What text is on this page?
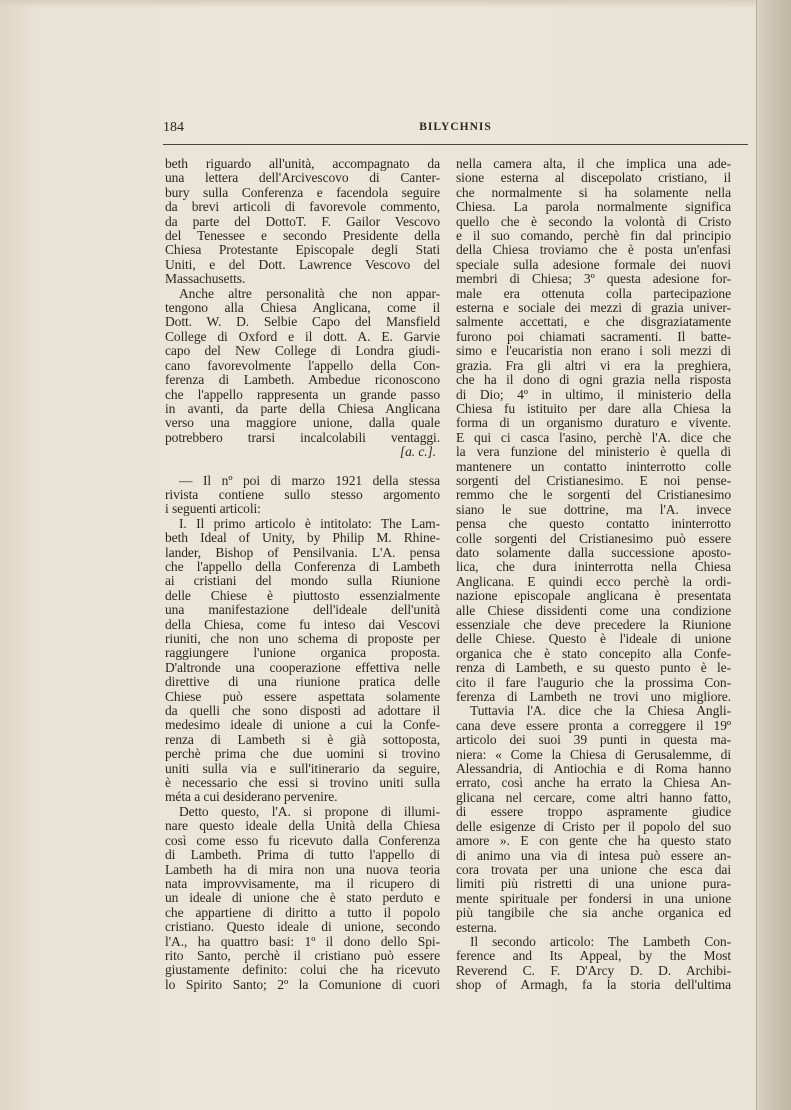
184	BILYCHNIS
beth riguardo all'unità, accompagnato da
una lettera dell'Arcivescovo di Canter-
bury sulla Conferenza e facendola seguire
da brevi articoli di favorevole commento,
da parte del DottoT. F. Gailor Vescovo
del Tenessee e secondo Presidente della
Chiesa Protestante Episcopale degli Stati
Uniti, e del Dott. Lawrence Vescovo del
Massachusetts.
Anche altre personalità che non appar-
tengono alla Chiesa Anglicana, come il
Dott. W. D. Selbie Capo del Mansfield
College di Oxford e il dott. A. E. Garvie
capo del New College di Londra giudi-
cano favorevolmente l'appello della Con-
ferenza di Lambeth. Ambedue riconoscono
che l'appello rappresenta un grande passo
in avanti, da parte della Chiesa Anglicana
verso una maggiore unione, dalla quale
potrebbero trarsi incalcolabili ventaggi.
[a. c.].
— Il nº poi di marzo 1921 della stessa
rivista contiene sullo stesso argomento
i seguenti articoli:
I. Il primo articolo è intitolato: The Lam-
beth Ideal of Unity, by Philip M. Rhine-
lander, Bishop of Pensilvania. L'A. pensa
che l'appello della Conferenza di Lambeth
ai cristiani del mondo sulla Riunione
delle Chiese è piuttosto essenzialmente
una manifestazione dell'ideale dell'unità
della Chiesa, come fu inteso dai Vescovi
riuniti, che non uno schema di proposte per
raggiungere l'unione organica proposta.
D'altronde una cooperazione effettiva nelle
direttive di una riunione pratica delle
Chiese può essere aspettata solamente
da quelli che sono disposti ad adottare il
medesimo ideale di unione a cui la Confe-
renza di Lambeth si è già sottoposta,
perchè prima che due uomini si trovino
uniti sulla via e sull'itinerario da seguire,
è necessario che essi si trovino uniti sulla
méta a cui desiderano pervenire.
Detto questo, l'A. si propone di illumi-
nare questo ideale della Unità della Chiesa
così come esso fu ricevuto dalla Conferenza
di Lambeth. Prima di tutto l'appello di
Lambeth ha di mira non una nuova teoria
nata improvvisamente, ma il ricupero di
un ideale di unione che è stato perduto e
che appartiene di diritto a tutto il popolo
cristiano. Questo ideale di unione, secondo
l'A., ha quattro basi: 1º il dono dello Spi-
rito Santo, perchè il cristiano può essere
giustamente definito: colui che ha ricevuto
lo Spirito Santo; 2º la Comunione di cuori
nella camera alta, il che implica una ade-
sione esterna al discepolato cristiano, il
che normalmente si ha solamente nella
Chiesa. La parola normalmente significa
quello che è secondo la volontà di Cristo
e il suo comando, perchè fin dal principio
della Chiesa troviamo che è posta un'enfasi
speciale sulla adesione formale dei nuovi
membri di Chiesa; 3º questa adesione for-
male era ottenuta colla partecipazione
esterna e sociale dei mezzi di grazia univer-
salmente accettati, e che disgraziatamente
furono poi chiamati sacramenti. Il batte-
simo e l'eucaristia non erano i soli mezzi di
grazia. Fra gli altri vi era la preghiera,
che ha il dono di ogni grazia nella risposta
di Dio; 4º in ultimo, il ministerio della
Chiesa fu istituito per dare alla Chiesa la
forma di un organismo duraturo e vivente.
E qui ci casca l'asino, perchè l'A. dice che
la vera funzione del ministerio è quella di
mantenere un contatto ininterrotto colle
sorgenti del Cristianesimo. E noi pense-
remmo che le sorgenti del Cristianesimo
siano le sue dottrine, ma l'A. invece
pensa che questo contatto ininterrotto
colle sorgenti del Cristianesimo può essere
dato solamente dalla successione aposto-
lica, che dura ininterrotta nella Chiesa
Anglicana. E quindi ecco perchè la ordi-
nazione episcopale anglicana è presentata
alle Chiese dissidenti come una condizione
essenziale che deve precedere la Riunione
delle Chiese. Questo è l'ideale di unione
organica che è stato concepito alla Confe-
renza di Lambeth, e su questo punto è le-
cito il fare l'augurio che la prossima Con-
ferenza di Lambeth ne trovi uno migliore.
Tuttavia l'A. dice che la Chiesa Angli-
cana deve essere pronta a correggere il 19º
articolo dei suoi 39 punti in questa ma-
niera: « Come la Chiesa di Gerusalemme, di
Alessandria, di Antiochia e di Roma hanno
errato, così anche ha errato la Chiesa An-
glicana nel cercare, come altri hanno fatto,
di essere troppo aspramente giudice
delle esigenze di Cristo per il popolo del suo
amore ». E con gente che ha questo stato
di animo una via di intesa può essere an-
cora trovata per una unione che esca dai
limiti più ristretti di una unione pura-
mente spirituale per fondersi in una unione
più tangibile che sia anche organica ed
esterna.
Il secondo articolo: The Lambeth Con-
ference and Its Appeal, by the Most
Reverend C. F. D'Arcy D. D. Archibi-
shop of Armagh, fa la storia dell'ultima
